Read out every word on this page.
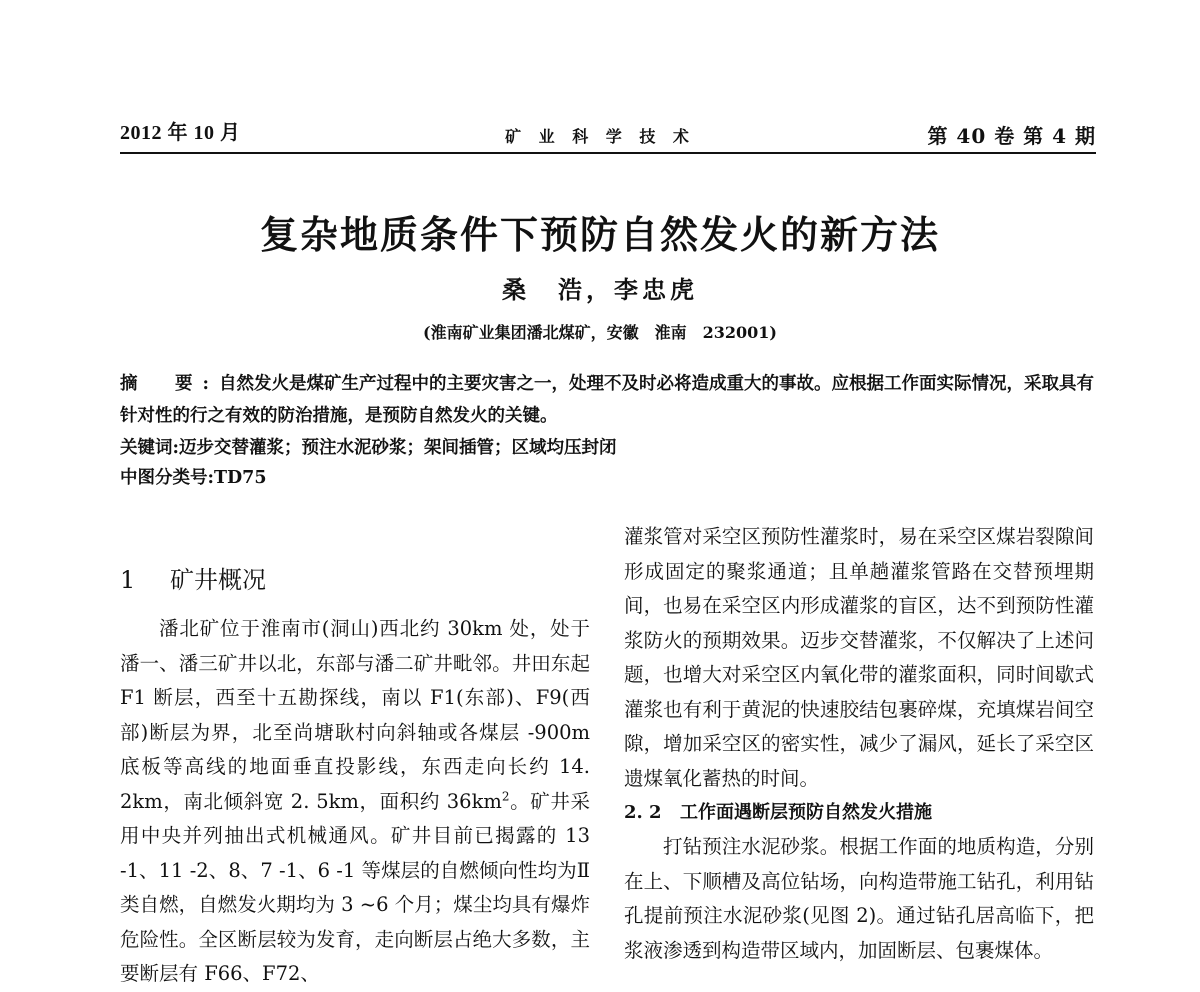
2012 年 10 月	矿 业 科 学 技 术	第 40 卷 第 4 期
复杂地质条件下预防自然发火的新方法
桑　浩，李忠虎
(淮南矿业集团潘北煤矿，安徽　淮南　232001)
摘　要:自然发火是煤矿生产过程中的主要灾害之一，处理不及时必将造成重大的事故。应根据工作面实际情况，采取具有针对性的行之有效的防治措施，是预防自然发火的关键。
关键词:迈步交替灌浆；预注水泥砂浆；架间插管；区域均压封闭
中图分类号:TD75
1 矿井概况

潘北矿位于淮南市(洞山)西北约 30km 处，处于潘一、潘三矿井以北，东部与潘二矿井毗邻。井田东起 F1 断层，西至十五勘探线，南以 F1(东部)、F9(西部)断层为界，北至尚塘耿村向斜轴或各煤层 -900m 底板等高线的地面垂直投影线，东西走向长约 14. 2km，南北倾斜宽 2. 5km，面积约 $36km^2$。矿井采用中央并列抽出式机械通风。矿井目前已揭露的 13 -1、11 -2、8、7 -1、6 -1 等煤层的自燃倾向性均为Ⅱ类自燃，自燃发火期均为 3 ~6 个月；煤尘均具有爆炸危险性。全区断层较为发育，走向断层占绝大多数，主要断层有 F66、F72、

灌浆管对采空区预防性灌浆时，易在采空区煤岩裂隙间形成固定的聚浆通道；且单趟灌浆管路在交替预埋期间，也易在采空区内形成灌浆的盲区，达不到预防性灌浆防火的预期效果。迈步交替灌浆，不仅解决了上述问题，也增大对采空区内氧化带的灌浆面积，同时间歇式灌浆也有利于黄泥的快速胶结包裹碎煤，充填煤岩间空隙，增加采空区的密实性，减少了漏风，延长了采空区遗煤氧化蓄热的时间。

2. 2 工作面遇断层预防自然发火措施

打钻预注水泥砂浆。根据工作面的地质构造，分别在上、下顺槽及高位钻场，向构造带施工钻孔，利用钻孔提前预注水泥砂浆(见图 2)。通过钻孔居高临下，把浆液渗透到构造带区域内，加固断层、包裹煤体。
